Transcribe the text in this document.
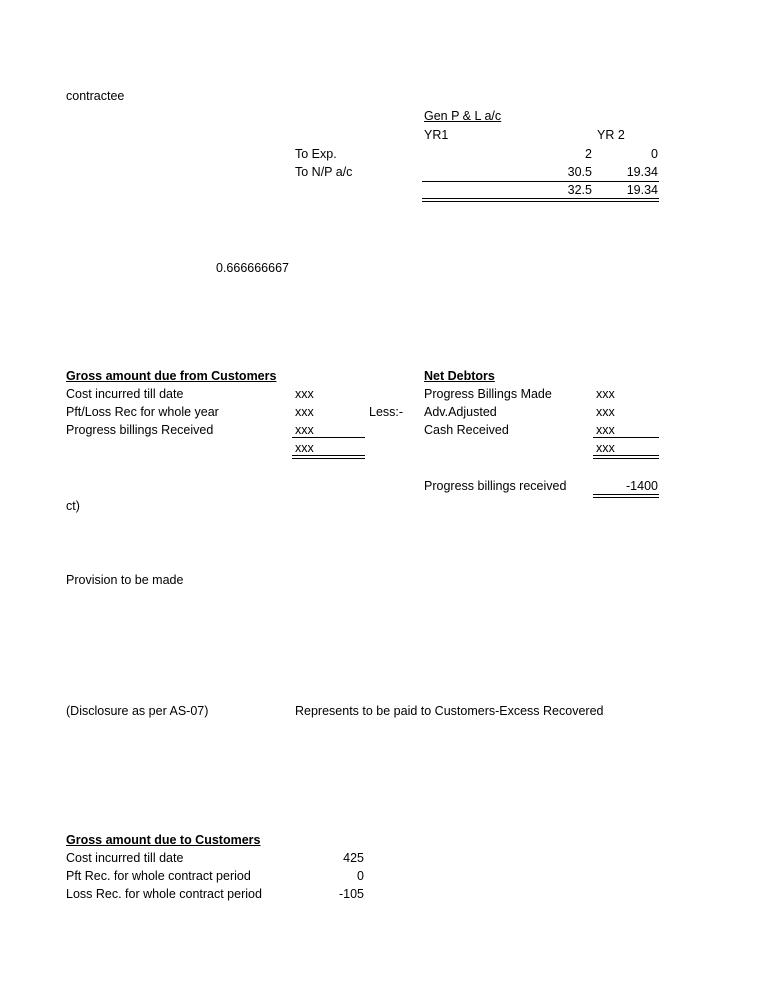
contractee
Gen P & L a/c
YR1	YR 2
To Exp.	2	0
To N/P a/c	30.5	19.34
32.5	19.34
0.666666667
Gross amount due from Customers
Cost incurred till date	xxx
Pft/Loss Rec for whole year	xxx	Less:-
Progress billings Received	xxx
xxx
Net Debtors
Progress Billings Made	xxx
Adv.Adjusted	xxx
Cash Received	xxx
xxx
Progress billings received	-1400
ct)
Provision to be made
(Disclosure as per AS-07)	Represents to be paid to Customers-Excess Recovered
Gross amount due to Customers
Cost incurred till date	425
Pft Rec. for whole contract period	0
Loss Rec. for whole contract period	-105
